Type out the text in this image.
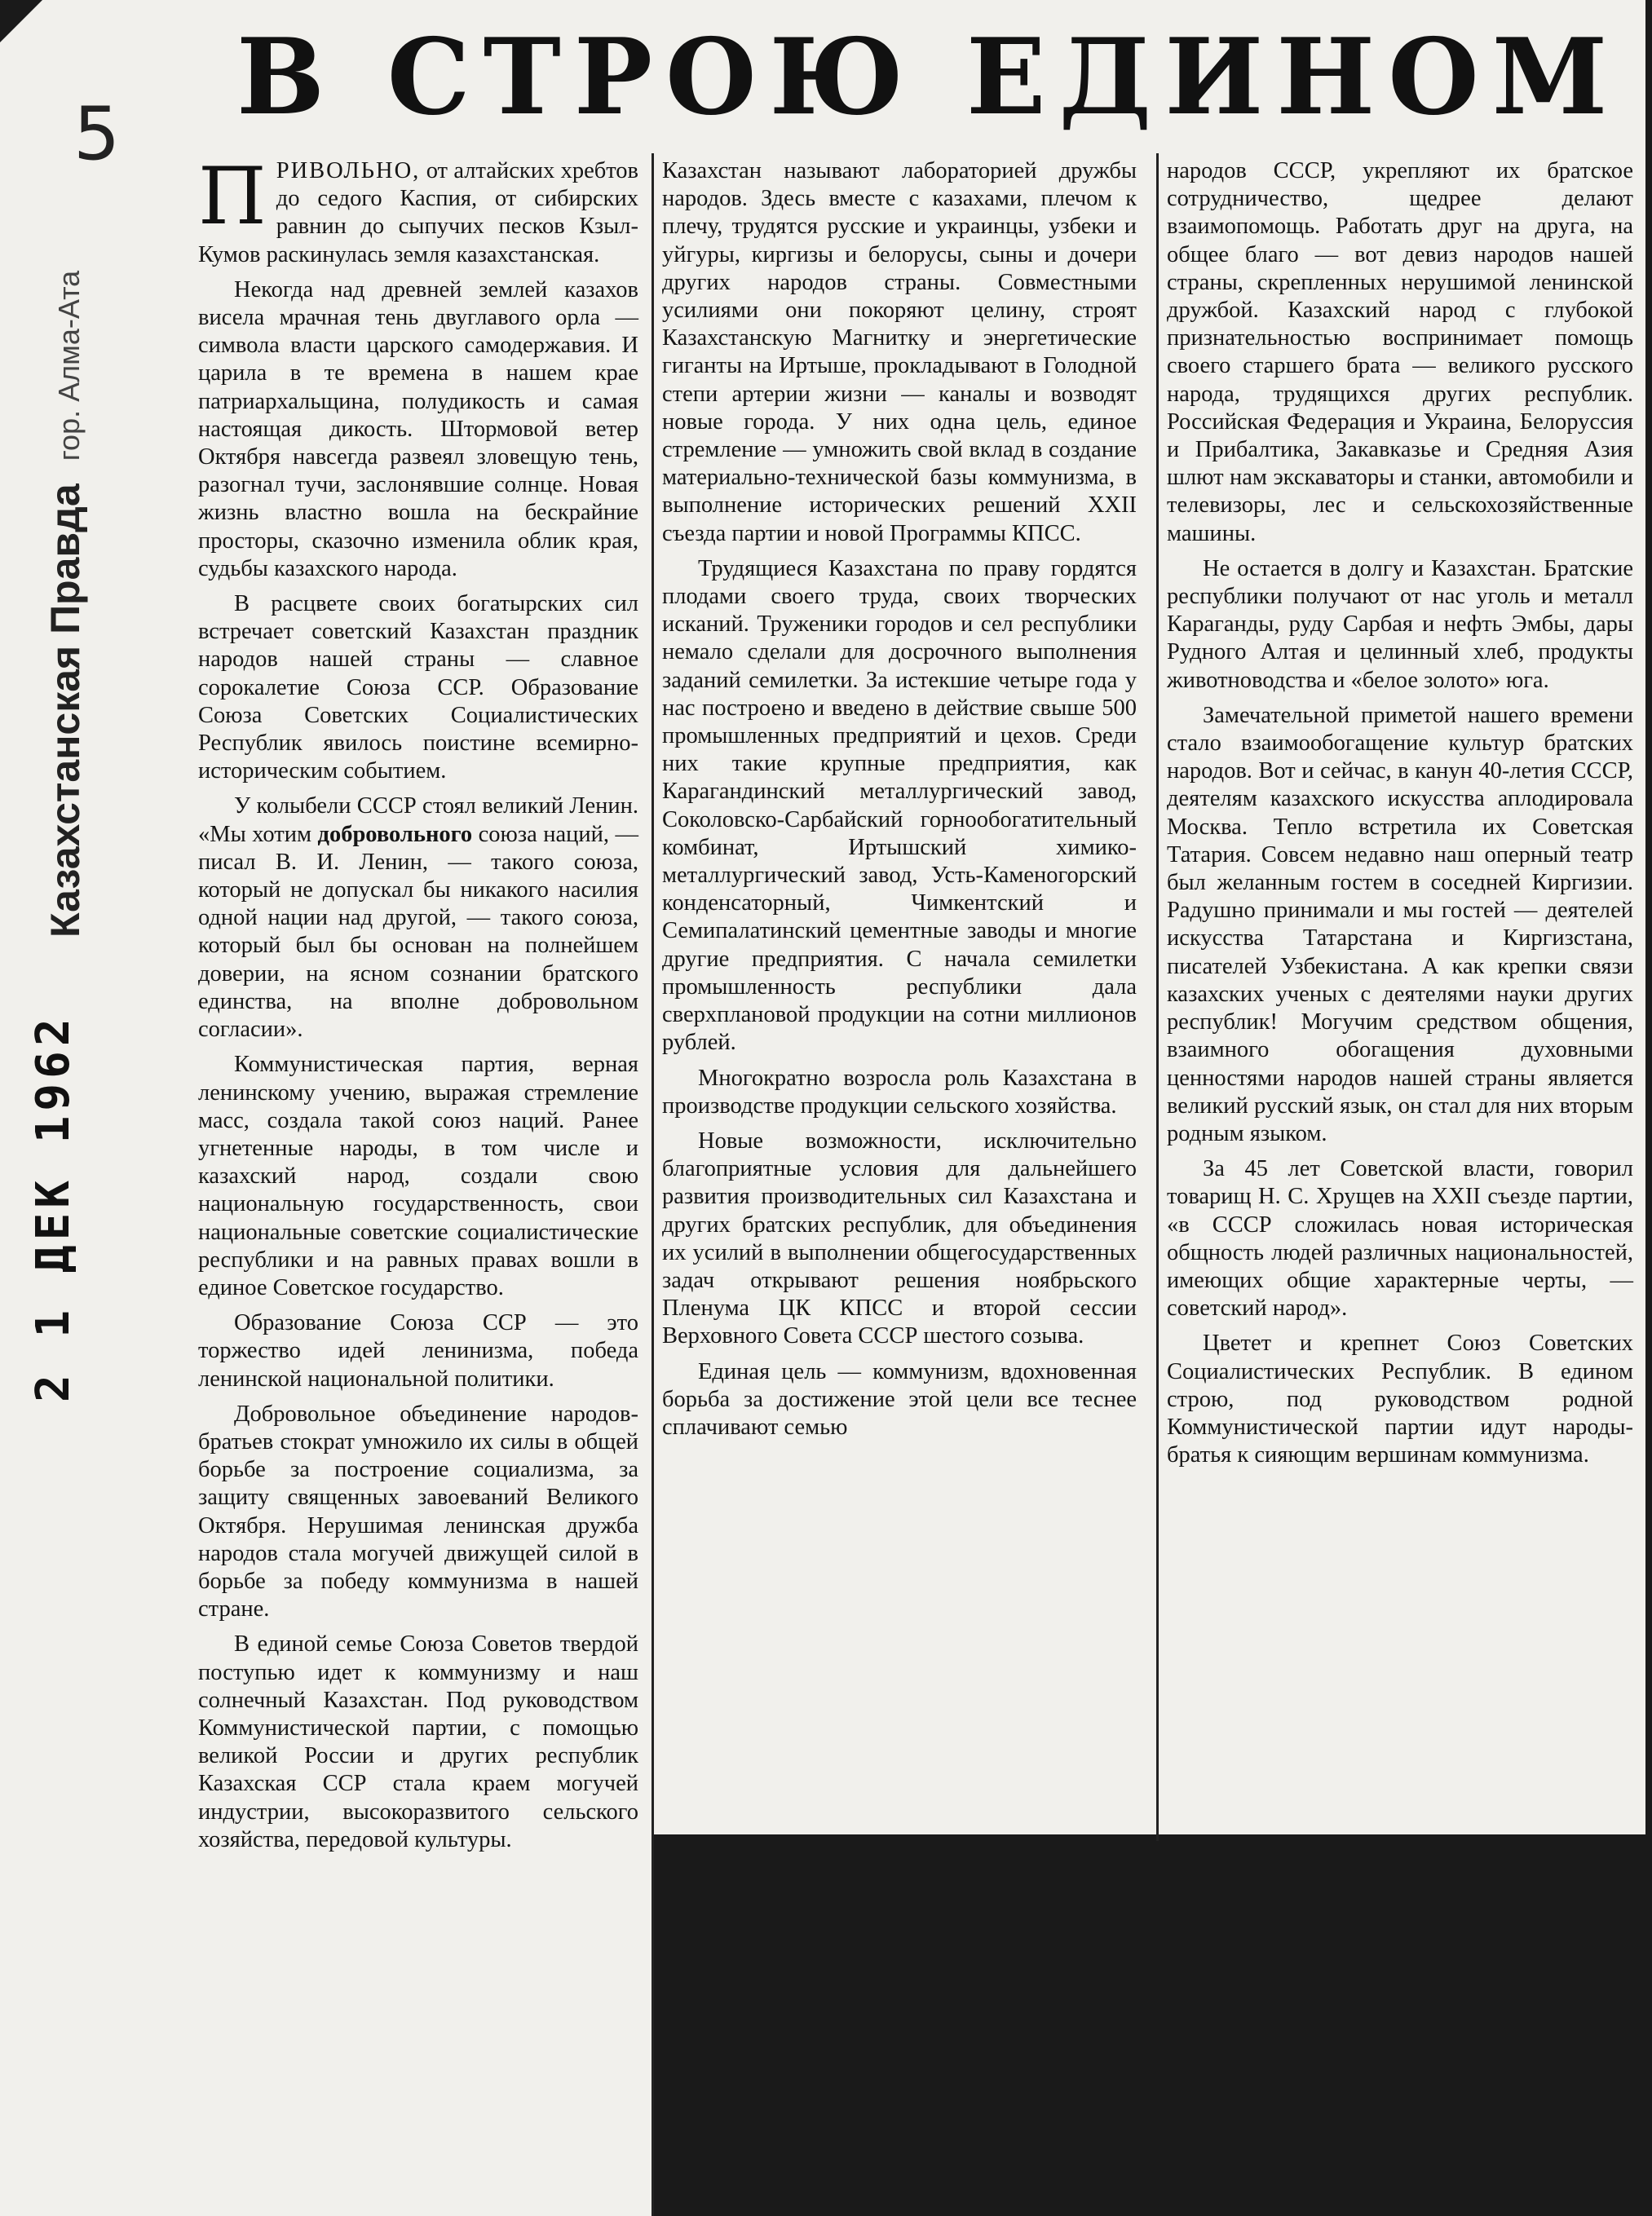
В СТРОЮ ЕДИНОМ
5
Казахстанская Правдагор. Алма-Ата
2 1 ДЕК 1962

ПРИВОЛЬНО, от алтайских хребтов до седого Каспия, от сибирских равнин до сыпучих песков Кзыл-Кумов раскинулась земля казахстанская.

Некогда над древней землей казахов висела мрачная тень двуглавого орла — символа власти царского самодержавия. И царила в те времена в нашем крае патриархальщина, полудикость и самая настоящая дикость. Штормовой ветер Октября навсегда развеял зловещую тень, разогнал тучи, заслонявшие солнце. Новая жизнь властно вошла на бескрайние просторы, сказочно изменила облик края, судьбы казахского народа.

В расцвете своих богатырских сил встречает советский Казахстан праздник народов нашей страны — славное сорокалетие Союза ССР. Образование Союза Советских Социалистических Республик явилось поистине всемирно-историческим событием.

У колыбели СССР стоял великий Ленин. «Мы хотим добровольного союза наций, — писал В. И. Ленин, — такого союза, который не допускал бы никакого насилия одной нации над другой, — такого союза, который был бы основан на полнейшем доверии, на ясном сознании братского единства, на вполне добровольном согласии».

Коммунистическая партия, верная ленинскому учению, выражая стремление масс, создала такой союз наций. Ранее угнетенные народы, в том числе и казахский народ, создали свою национальную государственность, свои национальные советские социалистические республики и на равных правах вошли в единое Советское государство.

Образование Союза ССР — это торжество идей ленинизма, победа ленинской национальной политики.

Добровольное объединение народов-братьев стократ умножило их силы в общей борьбе за построение социализма, за защиту священных завоеваний Великого Октября. Нерушимая ленинская дружба народов стала могучей движущей силой в борьбе за победу коммунизма в нашей стране.

В единой семье Союза Советов твердой поступью идет к коммунизму и наш солнечный Казахстан. Под руководством Коммунистической партии, с помощью великой России и других республик Казахская ССР стала краем могучей индустрии, высокоразвитого сельского хозяйства, передовой культуры.

Казахстан называют лабораторией дружбы народов. Здесь вместе с казахами, плечом к плечу, трудятся русские и украинцы, узбеки и уйгуры, киргизы и белорусы, сыны и дочери других народов страны. Совместными усилиями они покоряют целину, строят Казахстанскую Магнитку и энергетические гиганты на Иртыше, прокладывают в Голодной степи артерии жизни — каналы и возводят новые города. У них одна цель, единое стремление — умножить свой вклад в создание материально-технической базы коммунизма, в выполнение исторических решений XXII съезда партии и новой Программы КПСС.

Трудящиеся Казахстана по праву гордятся плодами своего труда, своих творческих исканий. Труженики городов и сел республики немало сделали для досрочного выполнения заданий семилетки. За истекшие четыре года у нас построено и введено в действие свыше 500 промышленных предприятий и цехов. Среди них такие крупные предприятия, как Карагандинский металлургический завод, Соколовско-Сарбайский горнообогатительный комбинат, Иртышский химико-металлургический завод, Усть-Каменогорский конденсаторный, Чимкентский и Семипалатинский цементные заводы и многие другие предприятия. С начала семилетки промышленность республики дала сверхплановой продукции на сотни миллионов рублей.

Многократно возросла роль Казахстана в производстве продукции сельского хозяйства.

Новые возможности, исключительно благоприятные условия для дальнейшего развития производительных сил Казахстана и других братских республик, для объединения их усилий в выполнении общегосударственных задач открывают решения ноябрьского Пленума ЦК КПСС и второй сессии Верховного Совета СССР шестого созыва.

Единая цель — коммунизм, вдохновенная борьба за достижение этой цели все теснее сплачивают семью

народов СССР, укрепляют их братское сотрудничество, щедрее делают взаимопомощь. Работать друг на друга, на общее благо — вот девиз народов нашей страны, скрепленных нерушимой ленинской дружбой. Казахский народ с глубокой признательностью воспринимает помощь своего старшего брата — великого русского народа, трудящихся других республик. Российская Федерация и Украина, Белоруссия и Прибалтика, Закавказье и Средняя Азия шлют нам экскаваторы и станки, автомобили и телевизоры, лес и сельскохозяйственные машины.

Не остается в долгу и Казахстан. Братские республики получают от нас уголь и металл Караганды, руду Сарбая и нефть Эмбы, дары Рудного Алтая и целинный хлеб, продукты животноводства и «белое золото» юга.

Замечательной приметой нашего времени стало взаимообогащение культур братских народов. Вот и сейчас, в канун 40-летия СССР, деятелям казахского искусства аплодировала Москва. Тепло встретила их Советская Татария. Совсем недавно наш оперный театр был желанным гостем в соседней Киргизии. Радушно принимали и мы гостей — деятелей искусства Татарстана и Киргизстана, писателей Узбекистана. А как крепки связи казахских ученых с деятелями науки других республик! Могучим средством общения, взаимного обогащения духовными ценностями народов нашей страны является великий русский язык, он стал для них вторым родным языком.

За 45 лет Советской власти, говорил товарищ Н. С. Хрущев на XXII съезде партии, «в СССР сложилась новая историческая общность людей различных национальностей, имеющих общие характерные черты, — советский народ».

Цветет и крепнет Союз Советских Социалистических Республик. В едином строю, под руководством родной Коммунистической партии идут народы-братья к сияющим вершинам коммунизма.
